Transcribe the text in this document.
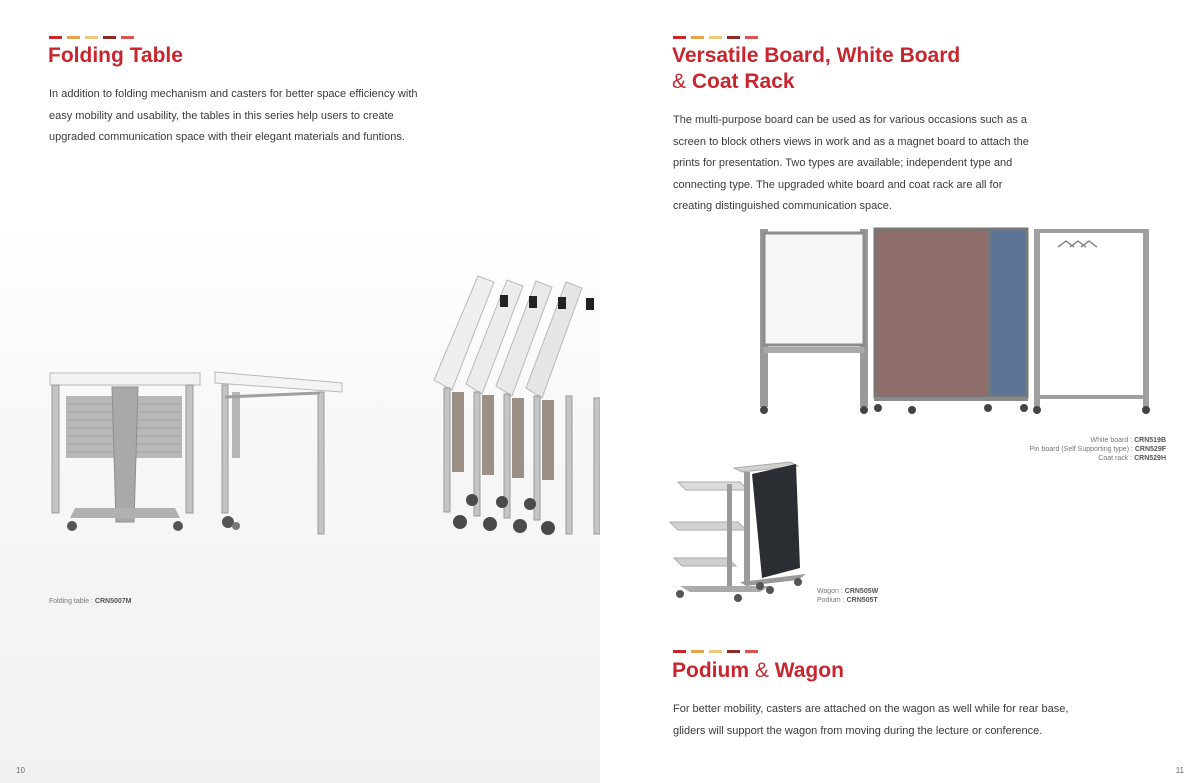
Folding Table

In addition to folding mechanism and casters for better space efficiency with easy mobility and usability, the tables in this series help users to create upgraded communication space with their elegant materials and funtions.

Folding table : CRN5007M
10
Versatile Board, White Board
& Coat Rack

The multi-purpose board can be used as for various occasions such as a screen to block others views in work and as a magnet board to attach the prints for presentation. Two types are available; independent type and connecting type. The upgraded white board and coat rack are all for creating distinguished communication space.

White board : CRN519B
Pin board (Self Supporting type) : CRN529F
Coat rack : CRN529H
Wagon : CRN505W
Podium : CRN505T
Podium & Wagon

For better mobility, casters are attached on the wagon as well while for rear base, gliders will support the wagon from moving during the lecture or conference.

11
